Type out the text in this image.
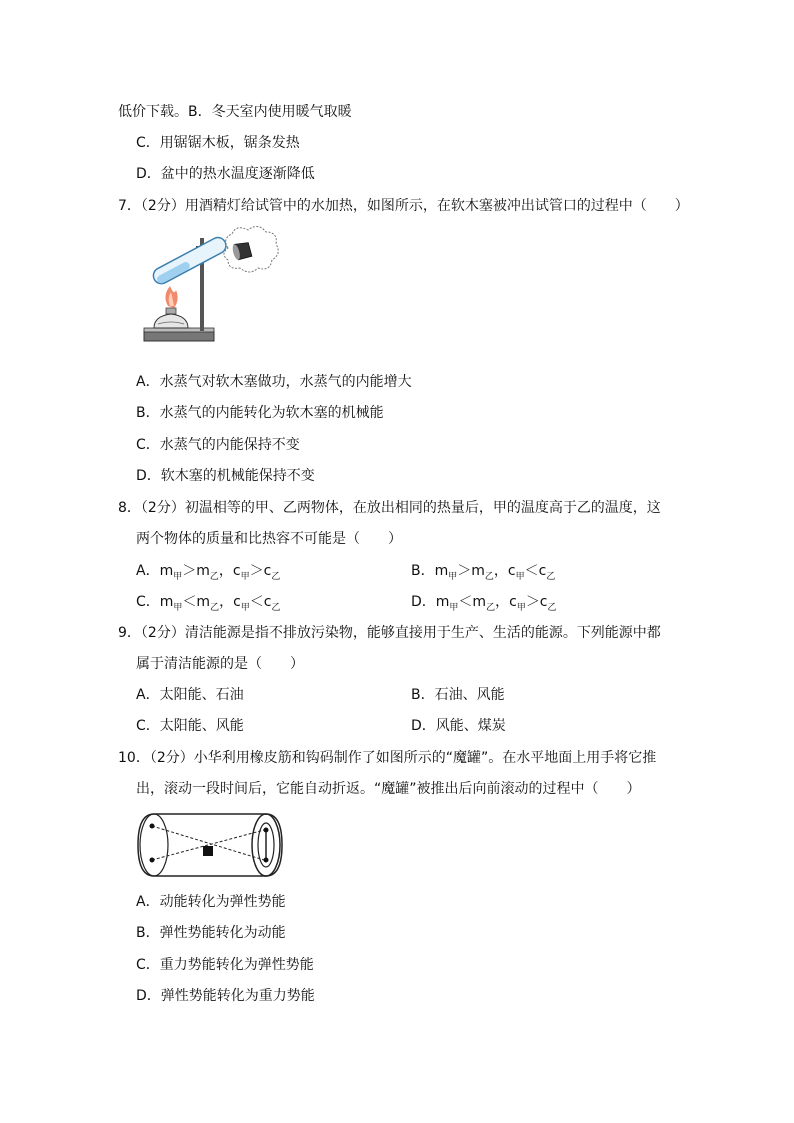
低价下载。B．冬天室内使用暖气取暖
C．用锯锯木板，锯条发热
D．盆中的热水温度逐渐降低
7．（2分）用酒精灯给试管中的水加热，如图所示，在软木塞被冲出试管口的过程中（　　）
A．水蒸气对软木塞做功，水蒸气的内能增大
B．水蒸气的内能转化为软木塞的机械能
C．水蒸气的内能保持不变
D．软木塞的机械能保持不变
8．（2分）初温相等的甲、乙两物体，在放出相同的热量后，甲的温度高于乙的温度，这
两个物体的质量和比热容不可能是（　　）
A．$m_甲>m_乙$，$c_甲>c_乙$	B．$m_甲>m_乙$，$c_甲<c_乙$
C．$m_甲<m_乙$，$c_甲<c_乙$	D．$m_甲<m_乙$，$c_甲>c_乙$
9．（2分）清洁能源是指不排放污染物，能够直接用于生产、生活的能源。下列能源中都
属于清洁能源的是（　　）
A．太阳能、石油	B．石油、风能
C．太阳能、风能	D．风能、煤炭
10．（2分）小华利用橡皮筋和钩码制作了如图所示的“魔罐”。在水平地面上用手将它推
出，滚动一段时间后，它能自动折返。“魔罐”被推出后向前滚动的过程中（　　）
A．动能转化为弹性势能
B．弹性势能转化为动能
C．重力势能转化为弹性势能
D．弹性势能转化为重力势能
